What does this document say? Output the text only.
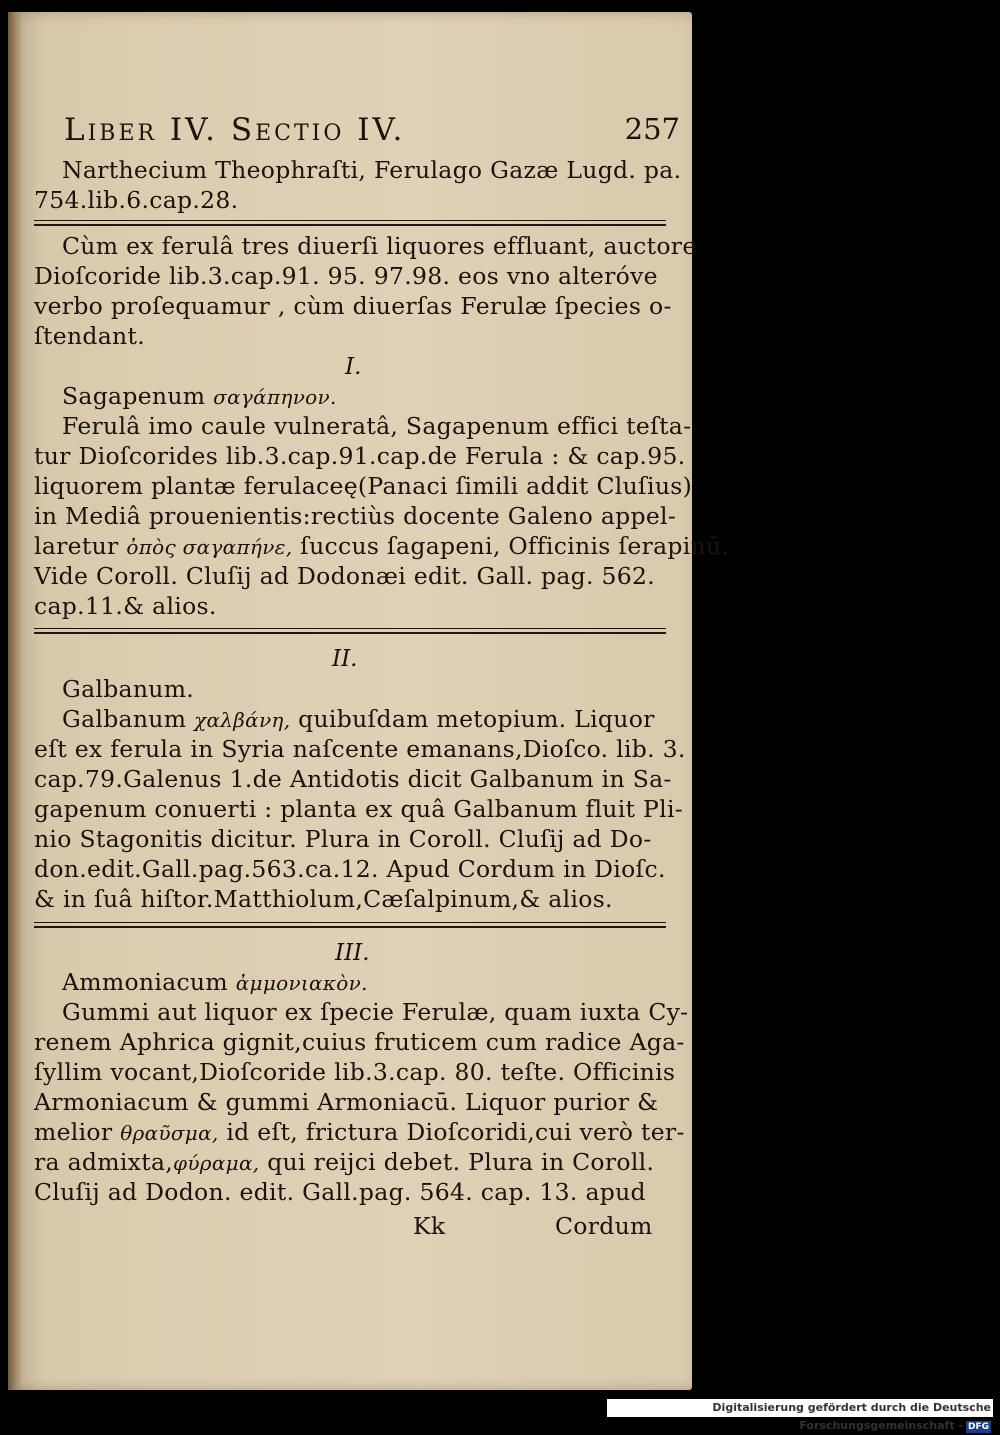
Liber IV. Sectio IV.	257
Narthecium Theophraſti, Ferulago Gazæ Lugd. pa.
754.lib.6.cap.28.
Cùm ex ferulâ tres diuerſi liquores effluant, auctore
Dioſcoride lib.3.cap.91. 95. 97.98. eos vno alteróve
verbo proſequamur , cùm diuerſas Ferulæ ſpecies o-
ſtendant.
I.
Sagapenum σαγάπηνον.
Ferulâ imo caule vulneratâ, Sagapenum effici teſta-
tur Dioſcorides lib.3.cap.91.cap.de Ferula : & cap.95.
liquorem plantæ ferulaceę(Panaci ſimili addit Cluſius)
in Mediâ prouenientis:rectiùs docente Galeno appel-
laretur ὀπὸς σαγαπήνε, ſuccus ſagapeni, Officinis ſerapinū.
Vide Coroll. Cluſij ad Dodonæi edit. Gall. pag. 562.
cap.11.& alios.
II.
Galbanum.
Galbanum χαλβάνη, quibuſdam metopium. Liquor
eſt ex ferula in Syria naſcente emanans,Dioſco. lib. 3.
cap.79.Galenus 1.de Antidotis dicit Galbanum in Sa-
gapenum conuerti : planta ex quâ Galbanum fluit Pli-
nio Stagonitis dicitur. Plura in Coroll. Cluſij ad Do-
don.edit.Gall.pag.563.ca.12. Apud Cordum in Dioſc.
& in ſuâ hiſtor.Matthiolum,Cæſalpinum,& alios.
III.
Ammoniacum ἀμμονιακὸν.
Gummi aut liquor ex ſpecie Ferulæ, quam iuxta Cy-
renem Aphrica gignit,cuius fruticem cum radice Aga-
ſyllim vocant,Dioſcoride lib.3.cap. 80. teſte. Officinis
Armoniacum & gummi Armoniacū. Liquor purior &
melior θραῦσμα, id eſt, frictura Dioſcoridi,cui verò ter-
ra admixta,φύραμα, qui reijci debet. Plura in Coroll.
Cluſij ad Dodon. edit. Gall.pag. 564. cap. 13. apud
Kk	Cordum
Digitalisierung gefördert durch die Deutsche Forschungsgemeinschaft - DFG
